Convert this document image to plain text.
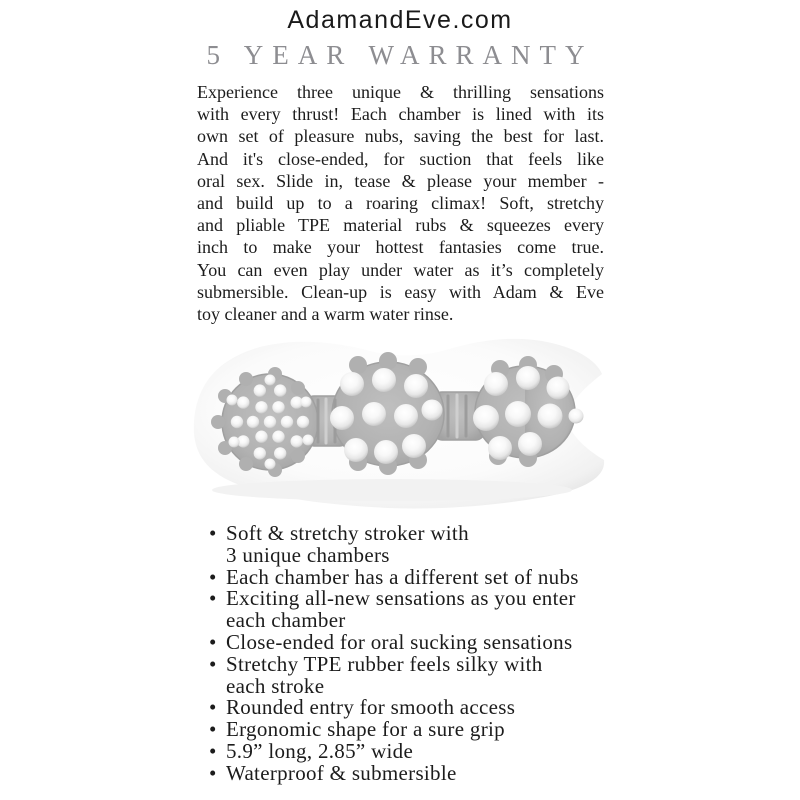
AdamandEve.com
5 YEAR WARRANTY
Experience three unique & thrilling sensations
with every thrust! Each chamber is lined with its
own set of pleasure nubs, saving the best for last.
And it's close-ended, for suction that feels like
oral sex. Slide in, tease & please your member -
and build up to a roaring climax! Soft, stretchy
and pliable TPE material rubs & squeezes every
inch to make your hottest fantasies come true.
You can even play under water as it’s completely
submersible. Clean-up is easy with Adam & Eve
toy cleaner and a warm water rinse.
• Soft & stretchy stroker with
3 unique chambers
• Each chamber has a different set of nubs
• Exciting all-new sensations as you enter
each chamber
• Close-ended for oral sucking sensations
• Stretchy TPE rubber feels silky with
each stroke
• Rounded entry for smooth access
• Ergonomic shape for a sure grip
• 5.9” long, 2.85” wide
• Waterproof & submersible
